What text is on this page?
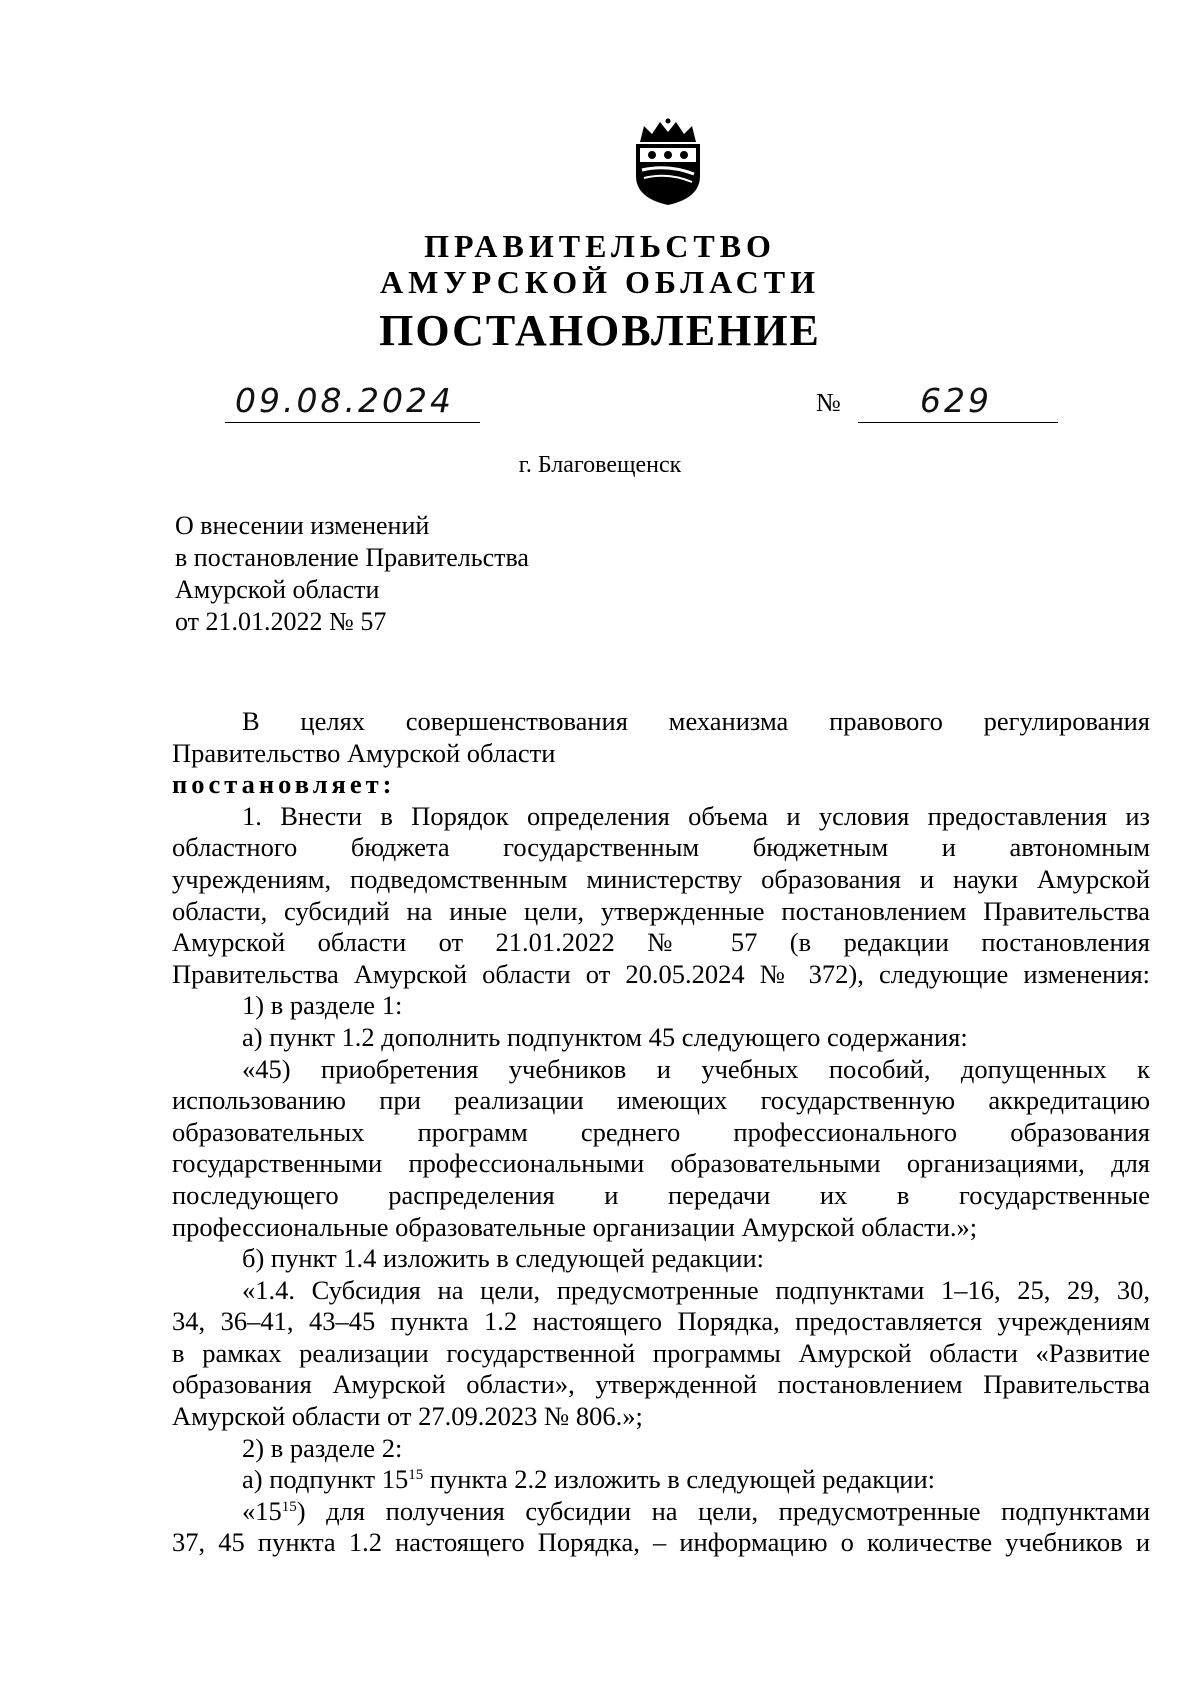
ПРАВИТЕЛЬСТВО
АМУРСКОЙ ОБЛАСТИ
ПОСТАНОВЛЕНИЕ
09.08.2024	№ 629
г. Благовещенск
О внесении изменений
в постановление Правительства
Амурской области
от 21.01.2022 № 57

В целях совершенствования механизма правового регулирования

Правительство Амурской области

постановляет:

1. Внести в Порядок определения объема и условия предоставления из

областного бюджета государственным бюджетным и автономным

учреждениям, подведомственным министерству образования и науки Амурской

области, субсидий на иные цели, утвержденные постановлением Правительства

Амурской области от 21.01.2022 № 57 (в редакции постановления

Правительства Амурской области от 20.05.2024 № 372), следующие изменения:

1) в разделе 1:

а) пункт 1.2 дополнить подпунктом 45 следующего содержания:

«45) приобретения учебников и учебных пособий, допущенных к

использованию при реализации имеющих государственную аккредитацию

образовательных программ среднего профессионального образования

государственными профессиональными образовательными организациями, для

последующего распределения и передачи их в государственные

профессиональные образовательные организации Амурской области.»;

б) пункт 1.4 изложить в следующей редакции:

«1.4. Субсидия на цели, предусмотренные подпунктами 1–16, 25, 29, 30,

34, 36–41, 43–45 пункта 1.2 настоящего Порядка, предоставляется учреждениям

в рамках реализации государственной программы Амурской области «Развитие

образования Амурской области», утвержденной постановлением Правительства

Амурской области от 27.09.2023 № 806.»;

2) в разделе 2:

а) подпункт $15^{15}$ пункта 2.2 изложить в следующей редакции:

«$15^{15}$) для получения субсидии на цели, предусмотренные подпунктами

37, 45 пункта 1.2 настоящего Порядка, – информацию о количестве учебников и
